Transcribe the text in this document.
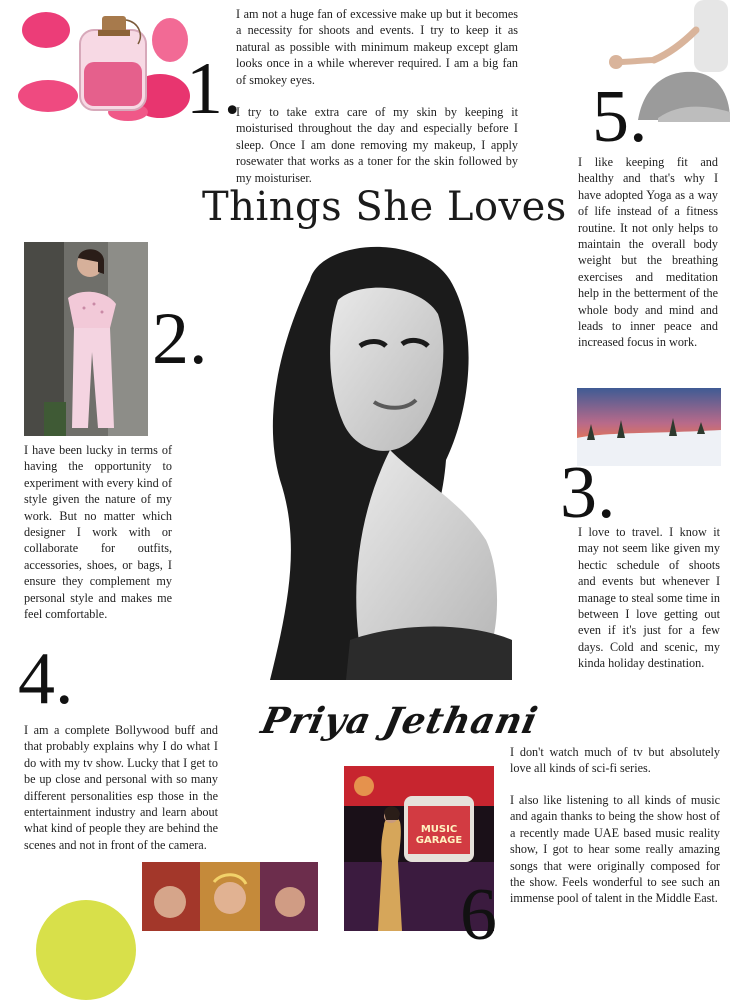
1.

I am not a huge fan of excessive make up but it becomes a necessity for shoots and events. I try to keep it as natural as possible with minimum makeup except glam looks once in a while wherever required. I am a big fan of smokey eyes.

I try to take extra care of my skin by keeping it moisturised throughout the day and especially before I sleep. Once I am done removing my makeup, I apply rosewater that works as a toner for the skin followed by my moisturiser.

5.
Things She Loves

I like keeping fit and healthy and that's why I have adopted Yoga as a way of life instead of a fitness routine. It not only helps to maintain the overall body weight but the breathing exercises and meditation help in the betterment of the whole body and mind and leads to inner peace and increased focus in work.

2.

I have been lucky in terms of having the opportunity to experiment with every kind of style given the nature of my work. But no matter which designer I work with or collaborate for outfits, accessories, shoes, or bags, I ensure they complement my personal style and makes me feel comfortable.

3.

I love to travel. I know it may not seem like given my hectic schedule of shoots and events but whenever I manage to steal some time in between I love getting out even if it's just for a few days. Cold and scenic, my kinda holiday destination.

4.

I am a complete Bollywood buff and that probably explains why I do what I do with my tv show. Lucky that I get to be up close and personal with so many different personalities esp those in the entertainment industry and learn about what kind of people they are behind the scenes and not in front of the camera.

Priya Jethani

I don't watch much of tv but absolutely love all kinds of sci-fi series.

I also like listening to all kinds of music and again thanks to being the show host of a recently made UAE based music reality show, I got to hear some really amazing songs that were originally composed for the show. Feels wonderful to see such an immense pool of talent in the Middle East.

MUSIC
GARAGE
6
